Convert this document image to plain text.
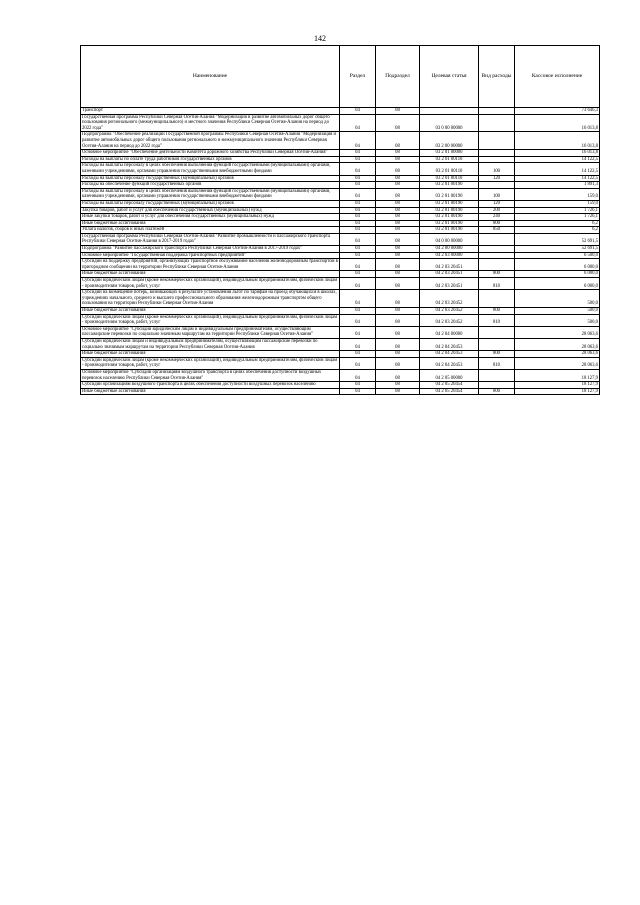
142
Наименование	Раздел	Подраздел	Целевая статья	Вид расходы	Кассовое исполнение
Транспорт	04	08			73 646,3
Государственная программа Республики Северная Осетия-Алания "Модернизация и развитие автомобильных дорог общего пользования регионального (межмуниципального) и местного значения Республики Северная Осетия-Алания на период до 2022 года"	04	08	03 0 00 00000		16 013,8
Подпрограмма "Обеспечение реализации Государственной программы Республики Северная Осетия-Алания "Модернизация и развитие автомобильных дорог общего пользования регионального и межмуниципального значения Республики Северная Осетия-Алания на период до 2022 года"	04	08	03 2 00 00000		16 013,8
Основное мероприятие "Обеспечение деятельности Комитета дорожного хозяйства Республики Северная Осетия-Алания"	04	08	03 2 01 00000		16 013,8
Расходы на выплаты по оплате труда работников государственных органов	04	08	03 2 01 00110		14 122,5
Расходы на выплаты персоналу в целях обеспечения выполнения функций государственными (муниципальными) органами, казенными учреждениями, органами управления государственными внебюджетными фондами	04	08	03 2 01 00110	100	14 122,5
Расходы на выплаты персоналу государственных (муниципальных) органов	04	08	03 2 01 00110	120	14 122,5
Расходы на обеспечение функций государственных органов	04	08	03 2 01 00190		1 891,3
Расходы на выплаты персоналу в целях обеспечения выполнения функций государственными (муниципальными) органами, казенными учреждениями, органами управления государственными внебюджетными фондами	04	08	03 2 01 00190	100	159,0
Расходы на выплаты персоналу государственных (муниципальных) органов	04	08	03 2 01 00190	120	159,0
Закупка товаров, работ и услуг для обеспечения государственных (муниципальных) нужд	04	08	03 2 01 00190	200	1 726,1
Иные закупки товаров, работ и услуг для обеспечения государственных (муниципальных) нужд	04	08	03 2 01 00190	240	1 726,1
Иные бюджетные ассигнования	04	08	03 2 01 00190	800	6,2
Уплата налогов, сборов и иных платежей	04	08	03 2 01 00190	850	6,2
Государственная программа Республики Северная Осетия-Алания "Развитие промышленности и пассажирского транспорта Республики Северная Осетия-Алания в 2017-2019 годах"	04	08	04 0 00 00000		52 691,5
Подпрограмма "Развитие пассажирского транспорта Республики Северная Осетия-Алания в 2017-2019 годах"	04	08	04 2 00 00000		52 691,5
Основное мероприятие "Государственная поддержка транспортных предприятий"	04	08	04 2 03 00000		6 500,0
Субсидии на поддержку предприятий, организующих транспортное обслуживание населения железнодорожным транспортом в пригородном сообщении на территории Республики Северная Осетия-Алания	04	08	04 2 03 20451		6 000,0
Иные бюджетные ассигнования	04	08	04 2 03 20451	800	6 000,0
Субсидии юридическим лицам (кроме некоммерческих организаций), индивидуальным предпринимателям, физическим лицам - производителям товаров, работ, услуг	04	08	04 2 03 20451	810	6 000,0
Субсидии на возмещение потерь, возникающих в результате установления льгот по тарифам на проезд обучающихся в школах, учреждениях начального, среднего и высшего профессионального образования железнодорожным транспортом общего пользования на территории Республики Северная Осетия-Алания	04	08	04 2 03 20452		500,0
Иные бюджетные ассигнования	04	08	04 2 03 20452	800	500,0
Субсидии юридическим лицам (кроме некоммерческих организаций), индивидуальным предпринимателям, физическим лицам - производителям товаров, работ, услуг	04	08	04 2 03 20452	810	500,0
Основное мероприятие "Субсидии юридическим лицам и индивидуальным предпринимателям, осуществляющим пассажирские перевозки по социально значимым маршрутам на территории Республики Северная Осетия-Алания"	04	08	04 2 04 00000		28 063,6
Субсидии юридическим лицам и индивидуальным предпринимателям, осуществляющим пассажирские перевозки по социально значимым маршрутам на территории Республики Северная Осетия-Алания	04	08	04 2 04 20453		28 063,6
Иные бюджетные ассигнования	04	08	04 2 04 20453	800	28 063,6
Субсидии юридическим лицам (кроме некоммерческих организаций), индивидуальным предпринимателям, физическим лицам - производителям товаров, работ, услуг	04	08	04 2 04 20453	810	28 063,6
Основное мероприятие "Субсидии организациям воздушного транспорта в целях обеспечения доступности воздушных перевозок населению Республики Северная Осетия-Алания"	04	08	04 2 05 00000		18 127,9
Субсидии организациям воздушного транспорта в целях обеспечения доступности воздушных перевозок населению	04	08	04 2 05 20454		18 127,9
Иные бюджетные ассигнования	04	08	04 2 05 20454	800	18 127,9
